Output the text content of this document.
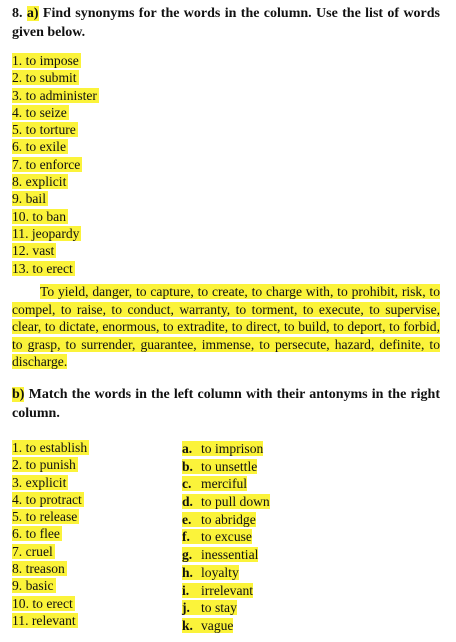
8. a) Find synonyms for the words in the column. Use the list of words given below.
1. to impose
2. to submit
3. to administer
4. to seize
5. to torture
6. to exile
7. to enforce
8. explicit
9. bail
10. to ban
11. jeopardy
12. vast
13. to erect
To yield, danger, to capture, to create, to charge with, to prohibit, risk, to compel, to raise, to conduct, warranty, to torment, to execute, to supervise, clear, to dictate, enormous, to extradite, to direct, to build, to deport, to forbid, to grasp, to surrender, guarantee, immense, to persecute, hazard, definite, to discharge.
b) Match the words in the left column with their antonyms in the right column.
1. to establish
2. to punish
3. explicit
4. to protract
5. to release
6. to flee
7. cruel
8. treason
9. basic
10. to erect
11. relevant
a. to imprison
b. to unsettle
c. merciful
d. to pull down
e. to abridge
f. to excuse
g. inessential
h. loyalty
i. irrelevant
j. to stay
k. vague
